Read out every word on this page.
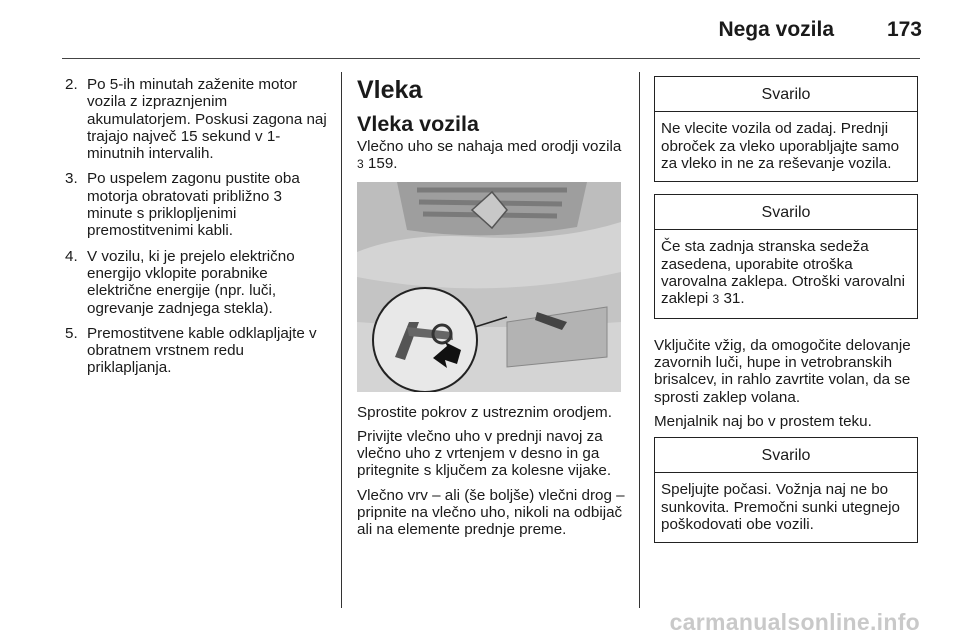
Nega vozila	173
2. Po 5-ih minutah zaženite motor vozila z izpraznjenim akumulatorjem. Poskusi zagona naj trajajo največ 15 sekund v 1-minutnih intervalih.
3. Po uspelem zagonu pustite oba motorja obratovati približno 3 minute s priklopljenimi premostitvenimi kabli.
4. V vozilu, ki je prejelo električno energijo vklopite porabnike električne energije (npr. luči, ogrevanje zadnjega stekla).
5. Premostitvene kable odklapljajte v obratnem vrstnem redu priklapljanja.
Vleka
Vleka vozila

Vlečno uho se nahaja med orodji vozila 3 159.

Sprostite pokrov z ustreznim orodjem.

Privijte vlečno uho v prednji navoj za vlečno uho z vrtenjem v desno in ga pritegnite s ključem za kolesne vijake.

Vlečno vrv – ali (še boljše) vlečni drog – pripnite na vlečno uho, nikoli na odbijač ali na elemente prednje preme.

Svarilo
Ne vlecite vozila od zadaj. Prednji obroček za vleko uporabljajte samo za vleko in ne za reševanje vozila.
Svarilo
Če sta zadnja stranska sedeža zasedena, uporabite otroška varovalna zaklepa. Otroški varovalni zaklepi 3 31.

Vključite vžig, da omogočite delovanje zavornih luči, hupe in vetrobranskih brisalcev, in rahlo zavrtite volan, da se sprosti zaklep volana.

Menjalnik naj bo v prostem teku.

Svarilo
Speljujte počasi. Vožnja naj ne bo sunkovita. Premočni sunki utegnejo poškodovati obe vozili.
carmanualsonline.info
